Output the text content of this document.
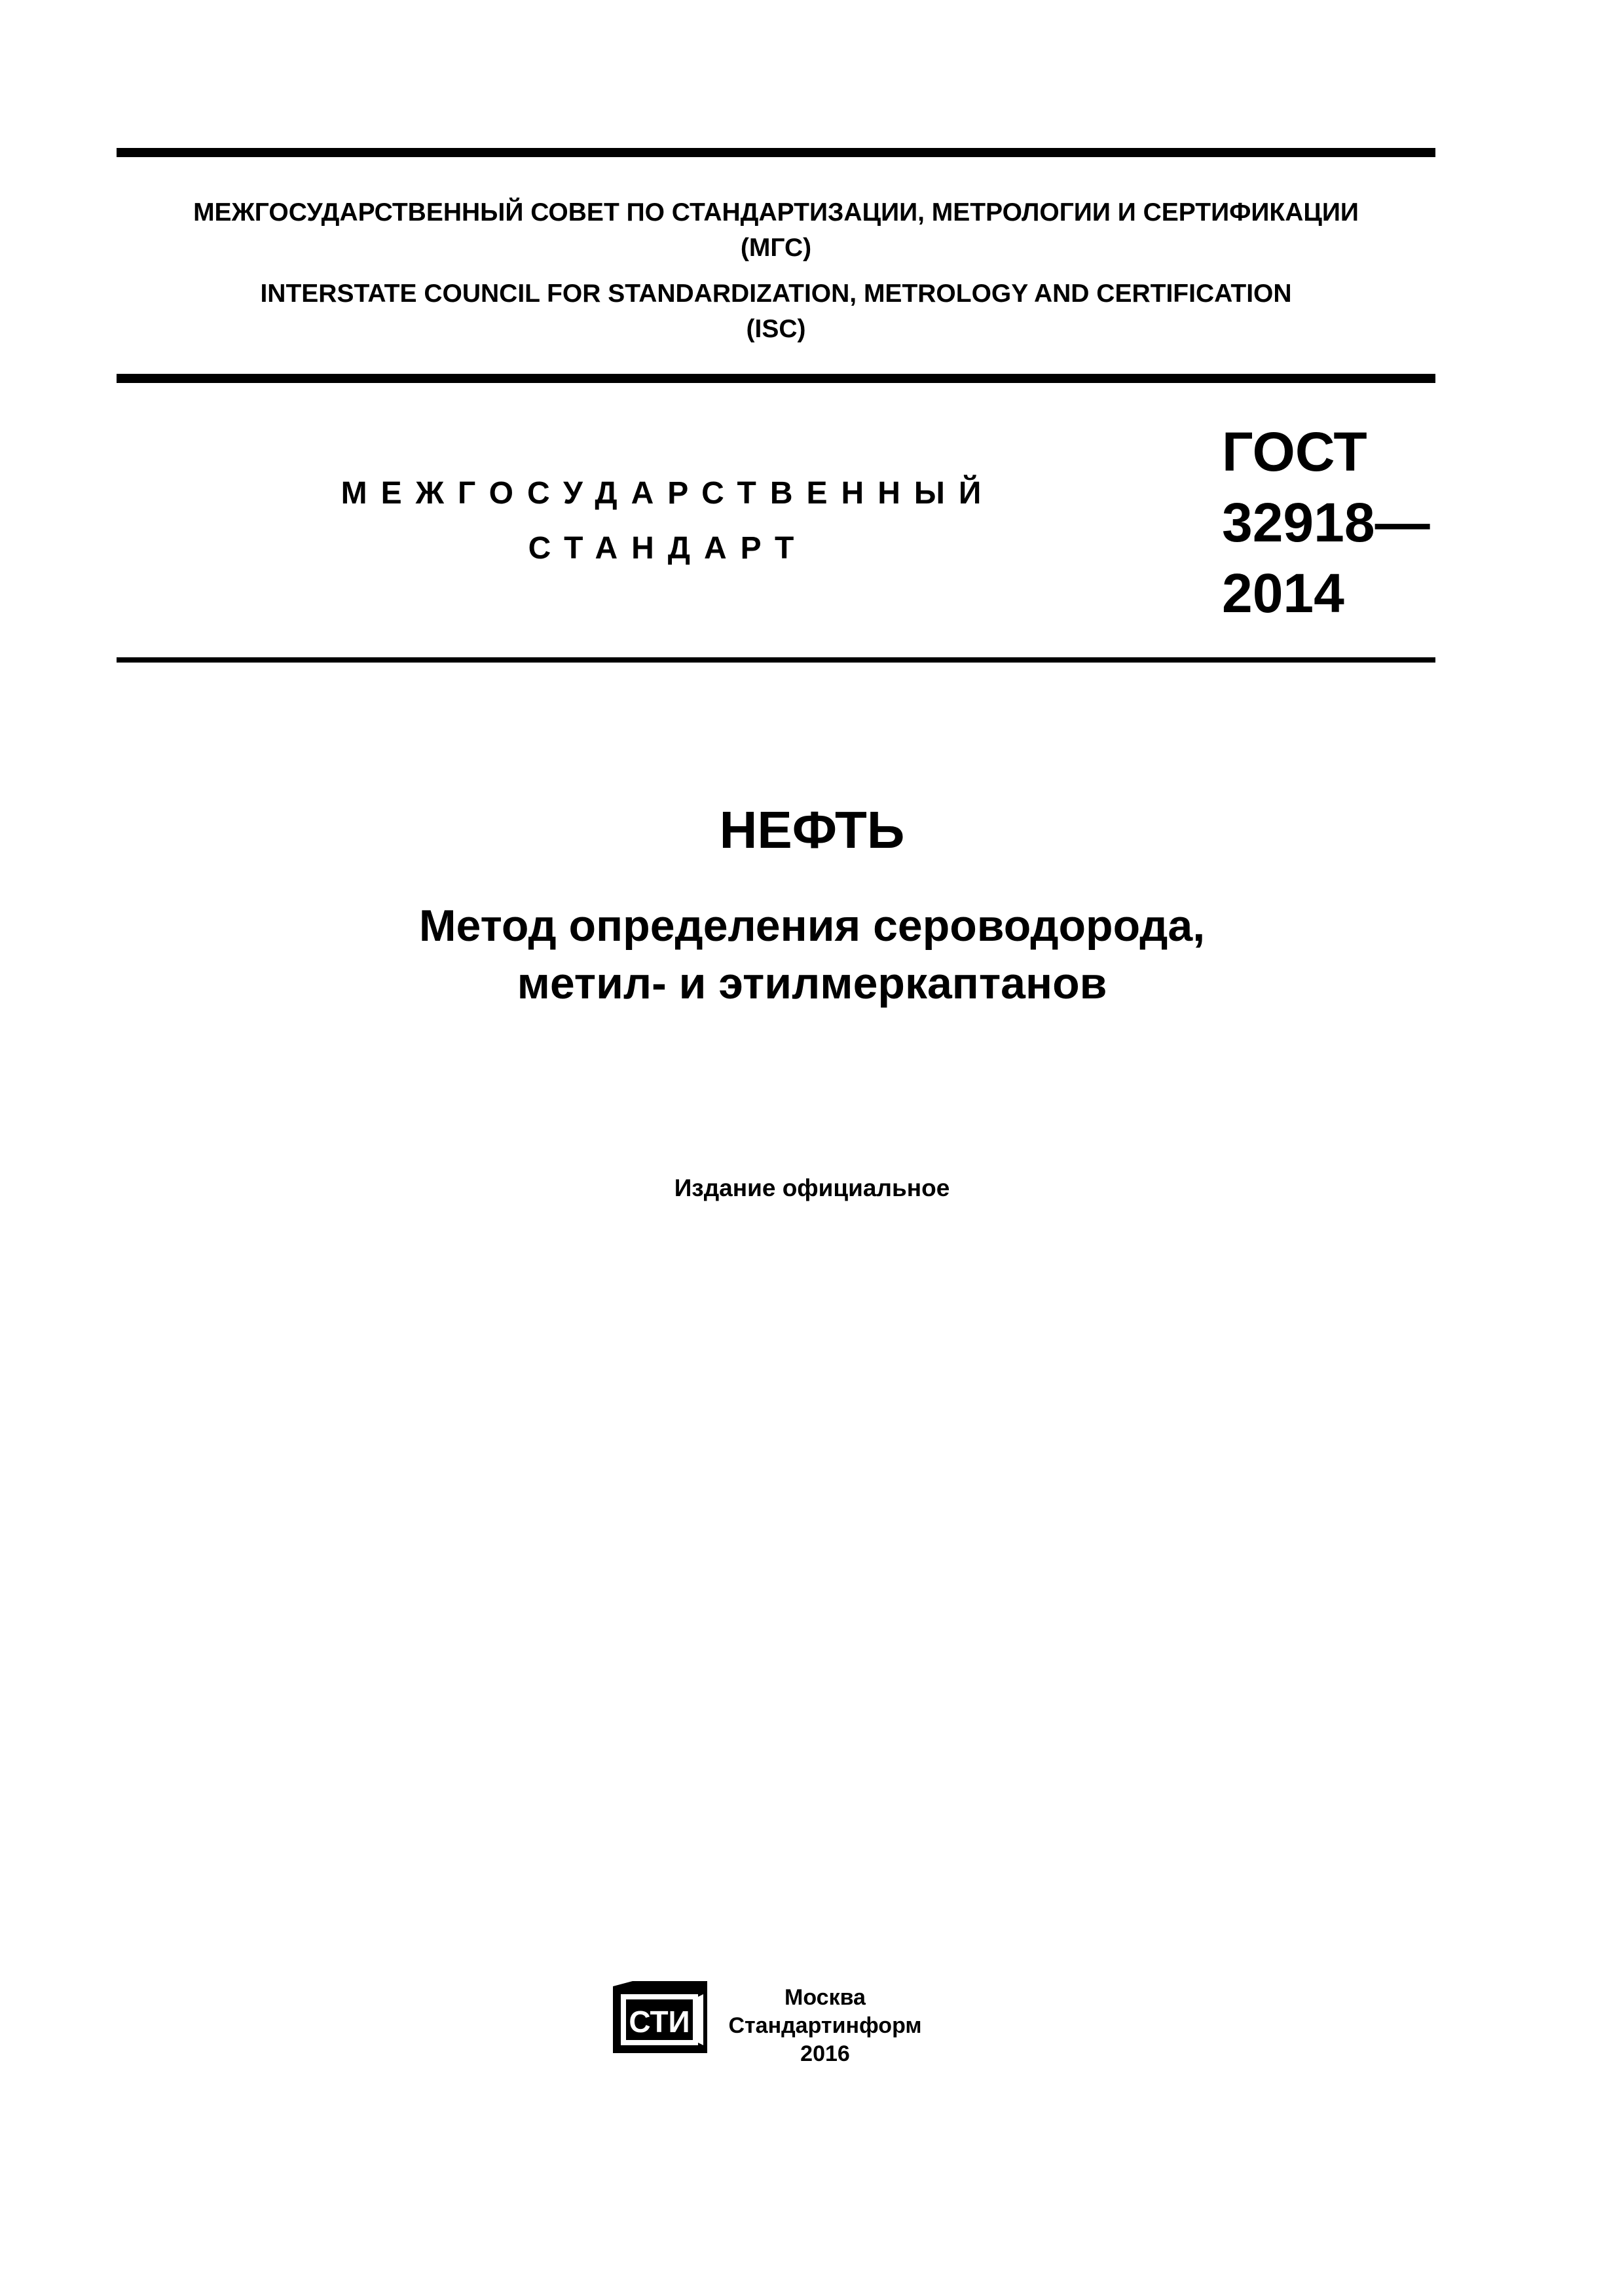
МЕЖГОСУДАРСТВЕННЫЙ СОВЕТ ПО СТАНДАРТИЗАЦИИ, МЕТРОЛОГИИ И СЕРТИФИКАЦИИ

(МГС)

INTERSTATE COUNCIL FOR STANDARDIZATION, METROLOGY AND CERTIFICATION

(ISC)

МЕЖГОСУДАРСТВЕННЫЙ
СТАНДАРТ
ГОСТ
32918—
2014

НЕФТЬ

Метод определения сероводорода,

метил- и этилмеркаптанов

Издание официальное

СТИ
Москва
Стандартинформ
2016
